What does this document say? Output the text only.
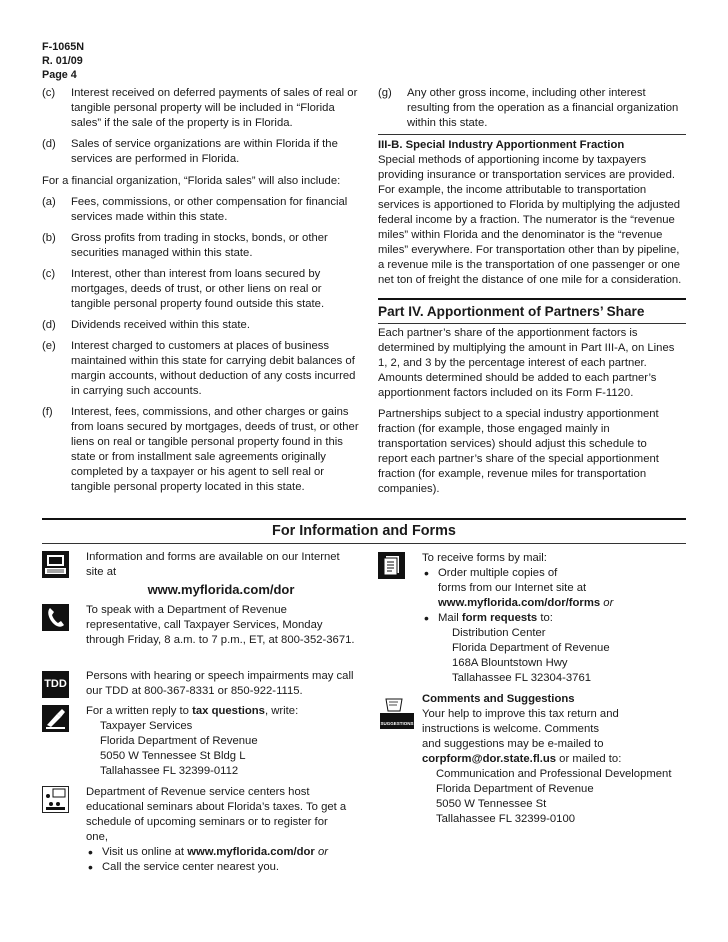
F-1065N
R. 01/09
Page 4
(c) Interest received on deferred payments of sales of real or tangible personal property will be included in “Florida sales” if the sale of the property is in Florida.
(d) Sales of service organizations are within Florida if the services are performed in Florida.
For a financial organization, “Florida sales” will also include:
(a) Fees, commissions, or other compensation for financial services made within this state.
(b) Gross profits from trading in stocks, bonds, or other securities managed within this state.
(c) Interest, other than interest from loans secured by mortgages, deeds of trust, or other liens on real or tangible personal property found outside this state.
(d) Dividends received within this state.
(e) Interest charged to customers at places of business maintained within this state for carrying debit balances of margin accounts, without deduction of any costs incurred in carrying such accounts.
(f) Interest, fees, commissions, and other charges or gains from loans secured by mortgages, deeds of trust, or other liens on real or tangible personal property found in this state or from installment sale agreements originally completed by a taxpayer or his agent to sell real or tangible personal property located in this state.
(g) Any other gross income, including other interest resulting from the operation as a financial organization within this state.
III-B. Special Industry Apportionment Fraction
Special methods of apportioning income by taxpayers providing insurance or transportation services are provided. For example, the income attributable to transportation services is apportioned to Florida by multiplying the adjusted federal income by a fraction. The numerator is the “revenue miles” within Florida and the denominator is the “revenue miles” everywhere. For transportation other than by pipeline, a revenue mile is the transportation of one passenger or one net ton of freight the distance of one mile for a consideration.
Part IV. Apportionment of Partners’ Share
Each partner’s share of the apportionment factors is determined by multiplying the amount in Part III-A, on Lines 1, 2, and 3 by the percentage interest of each partner. Amounts determined should be added to each partner’s apportionment factors included on its Form F-1120.
Partnerships subject to a special industry apportionment fraction (for example, those engaged mainly in transportation services) should adjust this schedule to report each partner’s share of the special apportionment fraction (for example, revenue miles for transportation companies).
For Information and Forms
TDD
Information and forms are available on our Internet site at
www.myflorida.com/dor
To speak with a Department of Revenue representative, call Taxpayer Services, Monday through Friday, 8 a.m. to 7 p.m., ET, at 800-352-3671.
Persons with hearing or speech impairments may call our TDD at 800-367-8331 or 850-922-1115.
For a written reply to tax questions, write:
Taxpayer Services
Florida Department of Revenue
5050 W Tennessee St Bldg L
Tallahassee FL 32399-0112
Department of Revenue service centers host educational seminars about Florida’s taxes. To get a schedule of upcoming seminars or to register for one,
• Visit us online at www.myflorida.com/dor or
• Call the service center nearest you.
SUGGESTIONS
To receive forms by mail:
• Order multiple copies of
forms from our Internet site at
www.myflorida.com/dor/forms or
• Mail form requests to:
Distribution Center
Florida Department of Revenue
168A Blountstown Hwy
Tallahassee FL 32304-3761
Comments and Suggestions
Your help to improve this tax return and
instructions is welcome. Comments
and suggestions may be e-mailed to
corpform@dor.state.fl.us or mailed to:
Communication and Professional Development
Florida Department of Revenue
5050 W Tennessee St
Tallahassee FL 32399-0100
